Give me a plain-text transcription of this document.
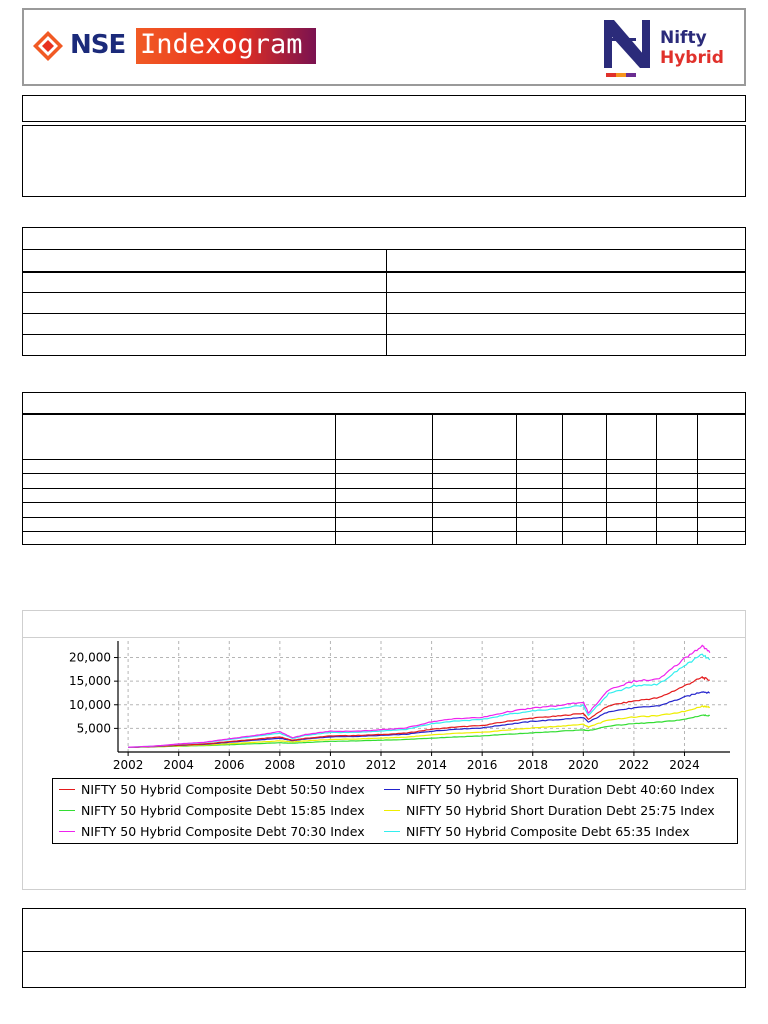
NSE Indexogram	Nifty
Hybrid
2002 2004 2006 2008 2010 2012 2014 2016 2018 2020 2022 2024
5,000
10,000
15,000
20,000
NIFTY 50 Hybrid Composite Debt 50:50 Index	NIFTY 50 Hybrid Short Duration Debt 40:60 Index
NIFTY 50 Hybrid Composite Debt 15:85 Index	NIFTY 50 Hybrid Short Duration Debt 25:75 Index
NIFTY 50 Hybrid Composite Debt 70:30 Index	NIFTY 50 Hybrid Composite Debt 65:35 Index
